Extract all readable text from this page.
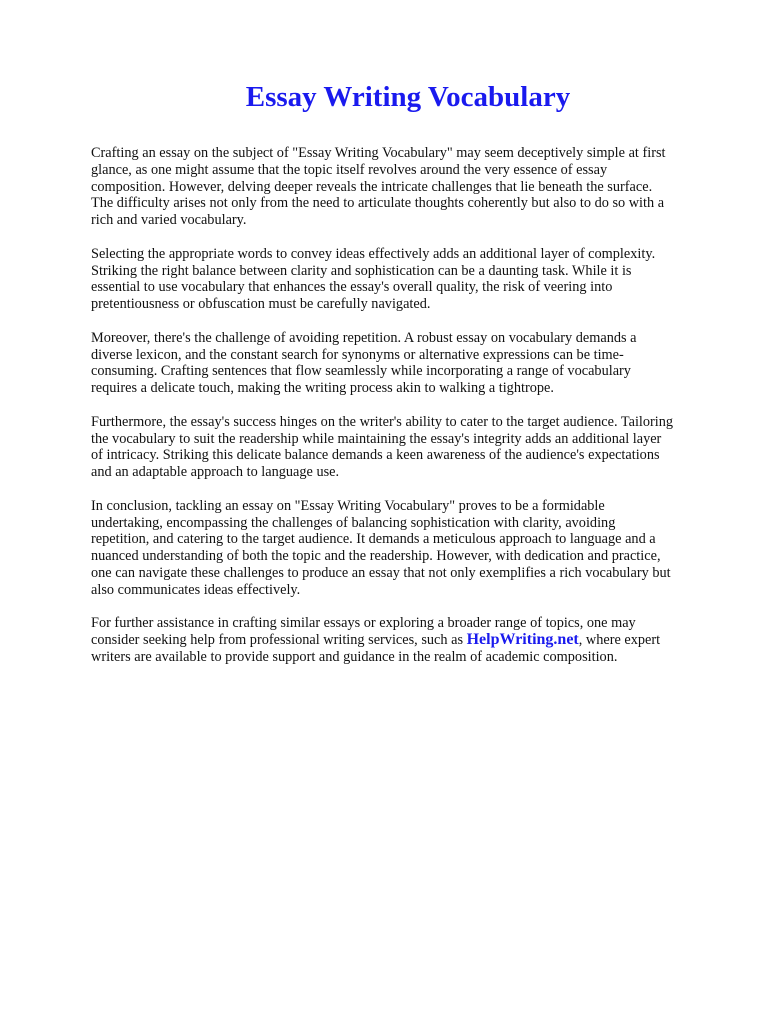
Essay Writing Vocabulary

Crafting an essay on the subject of "Essay Writing Vocabulary" may seem deceptively simple at first
glance, as one might assume that the topic itself revolves around the very essence of essay
composition. However, delving deeper reveals the intricate challenges that lie beneath the surface.
The difficulty arises not only from the need to articulate thoughts coherently but also to do so with a
rich and varied vocabulary.

Selecting the appropriate words to convey ideas effectively adds an additional layer of complexity.
Striking the right balance between clarity and sophistication can be a daunting task. While it is
essential to use vocabulary that enhances the essay's overall quality, the risk of veering into
pretentiousness or obfuscation must be carefully navigated.

Moreover, there's the challenge of avoiding repetition. A robust essay on vocabulary demands a
diverse lexicon, and the constant search for synonyms or alternative expressions can be time-
consuming. Crafting sentences that flow seamlessly while incorporating a range of vocabulary
requires a delicate touch, making the writing process akin to walking a tightrope.

Furthermore, the essay's success hinges on the writer's ability to cater to the target audience. Tailoring
the vocabulary to suit the readership while maintaining the essay's integrity adds an additional layer
of intricacy. Striking this delicate balance demands a keen awareness of the audience's expectations
and an adaptable approach to language use.

In conclusion, tackling an essay on "Essay Writing Vocabulary" proves to be a formidable
undertaking, encompassing the challenges of balancing sophistication with clarity, avoiding
repetition, and catering to the target audience. It demands a meticulous approach to language and a
nuanced understanding of both the topic and the readership. However, with dedication and practice,
one can navigate these challenges to produce an essay that not only exemplifies a rich vocabulary but
also communicates ideas effectively.

For further assistance in crafting similar essays or exploring a broader range of topics, one may
consider seeking help from professional writing services, such as HelpWriting.net, where expert
writers are available to provide support and guidance in the realm of academic composition.
